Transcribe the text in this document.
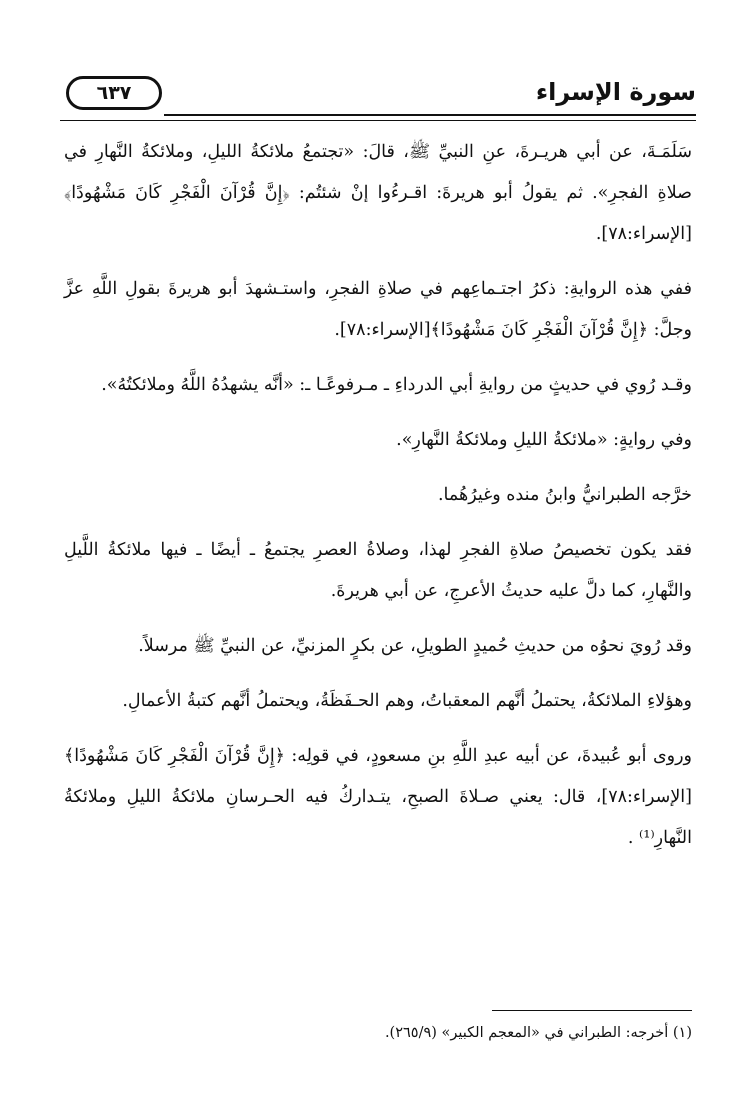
سورة الإسراء
٦٣٧

سَلَمَـةَ، عن أبي هريـرةَ، عنِ النبيِّ ﷺ، قالَ: «تجتمعُ ملائكةُ الليلِ، وملائكةُ النَّهارِ في صلاةِ الفجرِ». ثم يقولُ أبو هريرةَ: اقـرءُوا إنْ شئتُم: ﴿إِنَّ قُرْآنَ الْفَجْرِ كَانَ مَشْهُودًا﴾ [الإسراء:٧٨].

ففي هذه الروايةِ: ذكرُ اجتـماعِهم في صلاةِ الفجرِ، واستـشهدَ أبو هريرةَ بقولِ اللَّهِ عزَّ وجلَّ: ﴿إِنَّ قُرْآنَ الْفَجْرِ كَانَ مَشْهُودًا﴾[الإسراء:٧٨].

وقـد رُوي في حديثٍ من روايةِ أبي الدرداءِ ـ مـرفوعًـا ـ: «أنَّه يشهدُهُ اللَّهُ وملائكتُهُ».

وفي روايةٍ: «ملائكةُ الليلِ وملائكةُ النَّهارِ».

خرَّجه الطبرانيُّ وابنُ منده وغيرُهُما.

فقد يكون تخصيصُ صلاةِ الفجرِ لهذا، وصلاةُ العصرِ يجتمعُ ـ أيضًا ـ فيها ملائكةُ اللَّيلِ والنَّهارِ، كما دلَّ عليه حديثُ الأعرجِ، عن أبي هريرةَ.

وقد رُويَ نحوُه من حديثِ حُميدٍ الطويلِ، عن بكرٍ المزنيِّ، عن النبيِّ ﷺ مرسلاً.

وهؤلاءِ الملائكةُ، يحتملُ أنَّهم المعقباتُ، وهم الحـفَظَةُ، ويحتملُ أنَّهم كتبةُ الأعمالِ.

وروى أبو عُبيدةَ، عن أبيه عبدِ اللَّهِ بنِ مسعودٍ، في قولِه: ﴿إِنَّ قُرْآنَ الْفَجْرِ كَانَ مَشْهُودًا﴾ [الإسراء:٧٨]، قال: يعني صـلاةَ الصبحِ، يتـداركُ فيه الحـرسانِ ملائكةُ الليلِ وملائكةُ النَّهارِ⁽¹⁾ .

(١) أخرجه: الطبراني في «المعجم الكبير» (٢٦٥/٩).
